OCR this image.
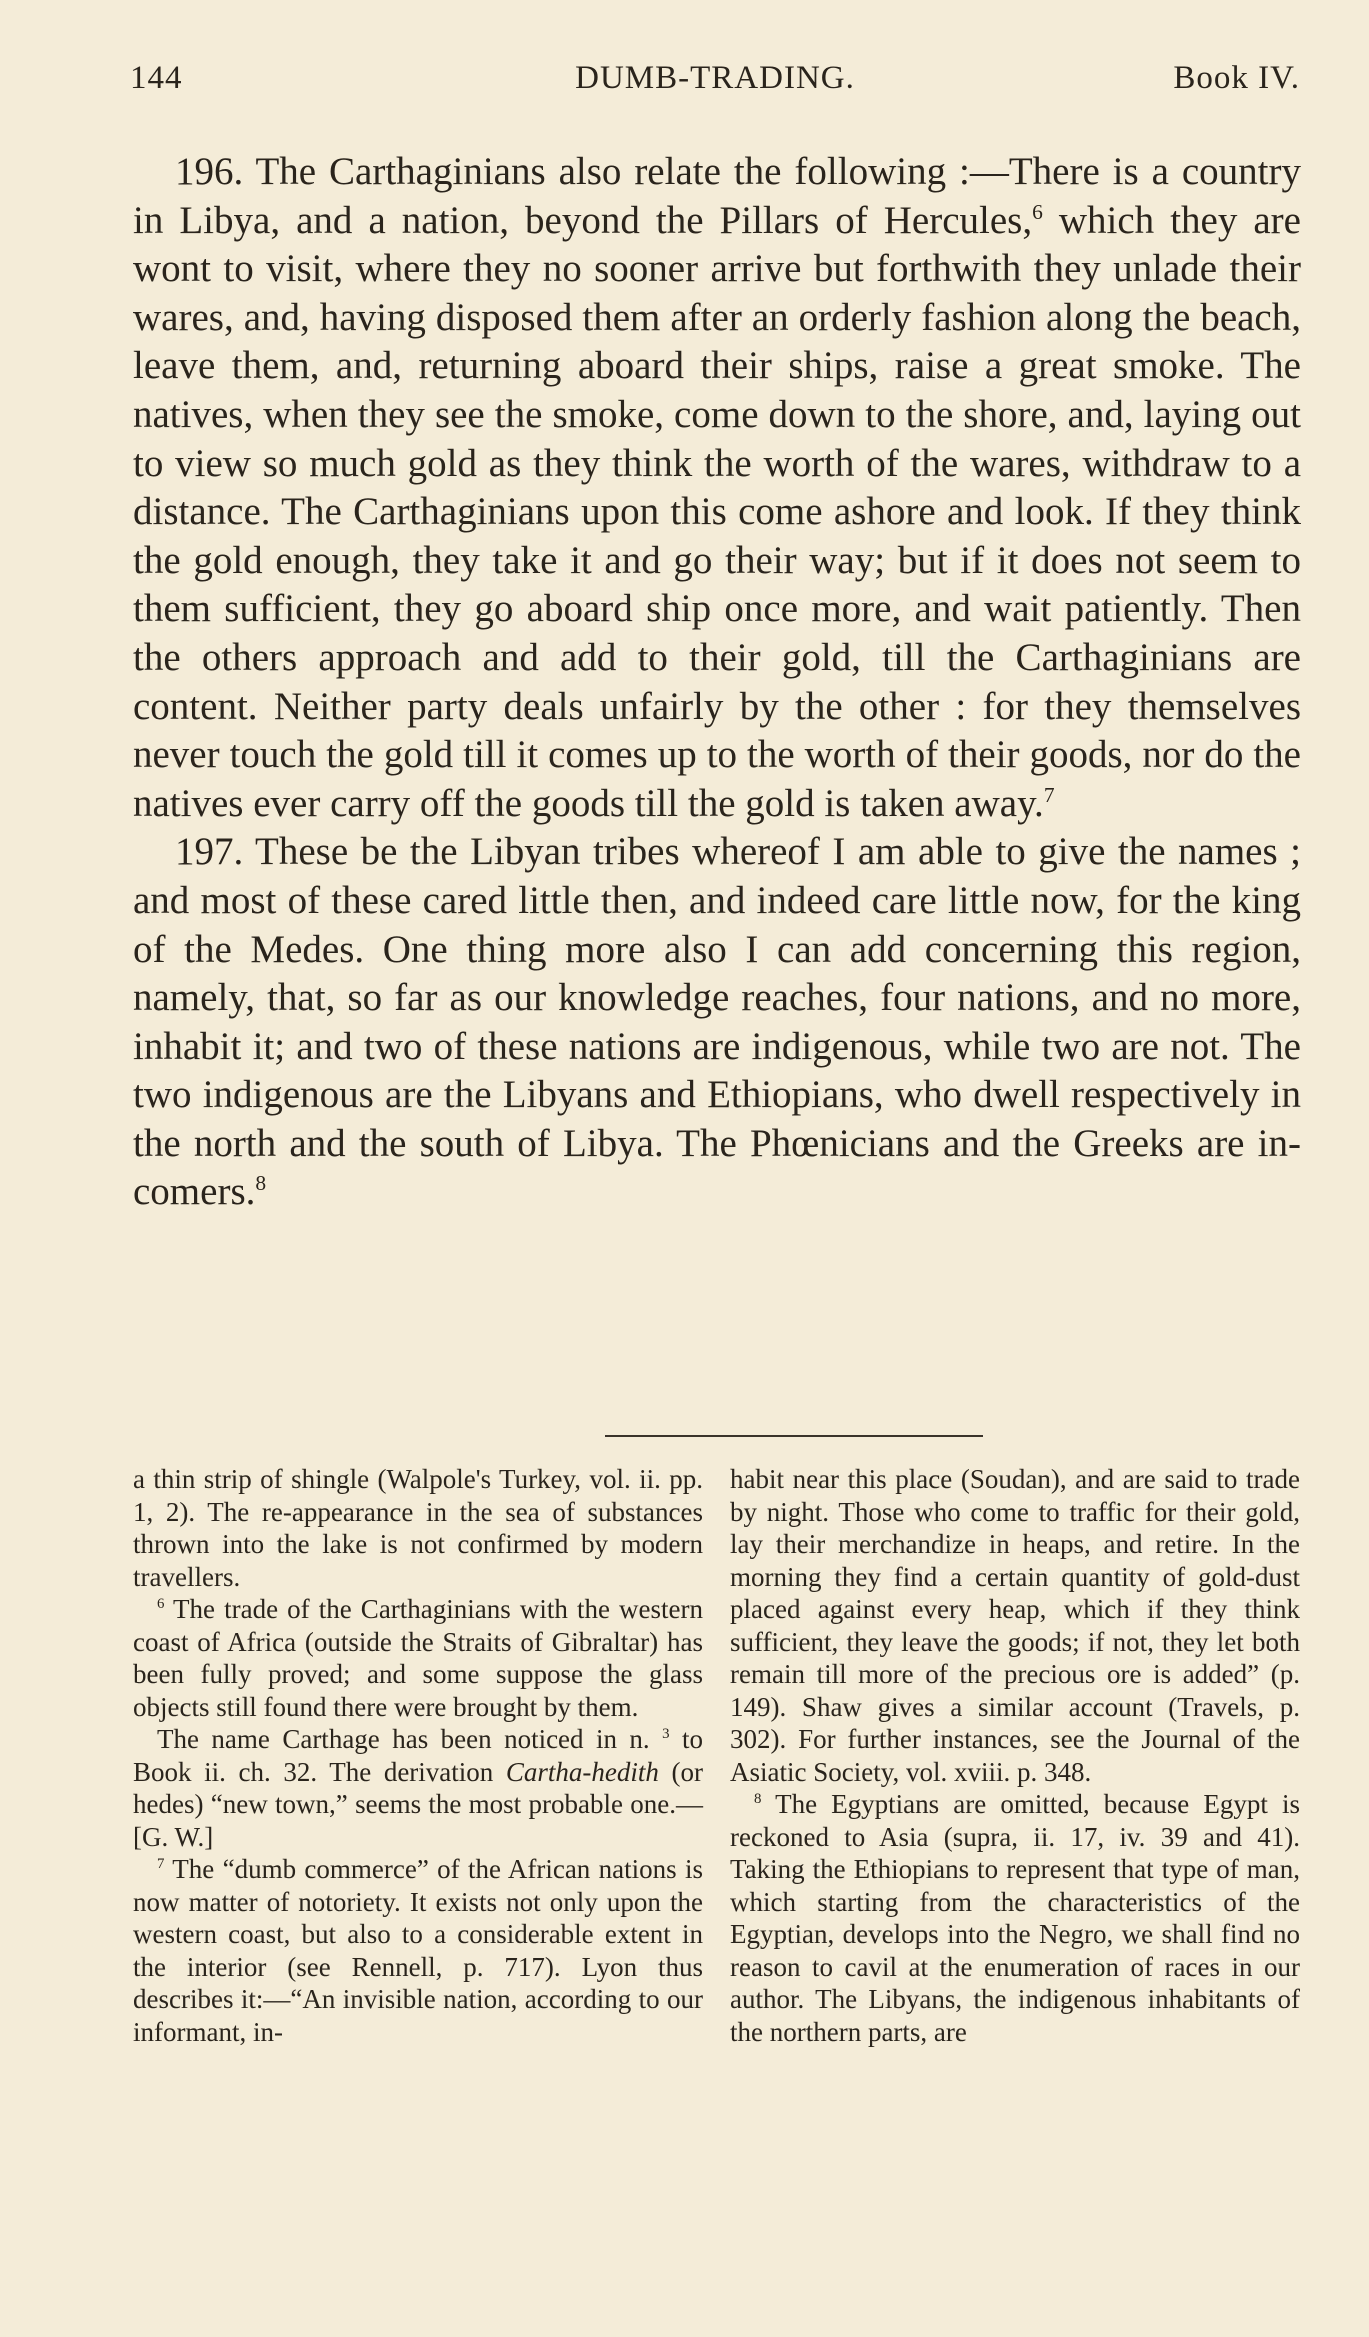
144	DUMB-TRADING.	Book IV.

196. The Carthaginians also relate the following :—There is a country in Libya, and a nation, beyond the Pillars of Hercules,$^6$ which they are wont to visit, where they no sooner arrive but forthwith they unlade their wares, and, having disposed them after an orderly fashion along the beach, leave them, and, returning aboard their ships, raise a great smoke. The natives, when they see the smoke, come down to the shore, and, laying out to view so much gold as they think the worth of the wares, withdraw to a distance. The Carthaginians upon this come ashore and look. If they think the gold enough, they take it and go their way; but if it does not seem to them sufficient, they go aboard ship once more, and wait patiently. Then the others approach and add to their gold, till the Carthaginians are content. Neither party deals unfairly by the other : for they themselves never touch the gold till it comes up to the worth of their goods, nor do the natives ever carry off the goods till the gold is taken away.$^7$

197. These be the Libyan tribes whereof I am able to give the names ; and most of these cared little then, and indeed care little now, for the king of the Medes. One thing more also I can add concerning this region, namely, that, so far as our knowledge reaches, four nations, and no more, inhabit it; and two of these nations are indigenous, while two are not. The two indigenous are the Libyans and Ethiopians, who dwell respectively in the north and the south of Libya. The Phœnicians and the Greeks are in-comers.$^8$

a thin strip of shingle (Walpole's Turkey, vol. ii. pp. 1, 2). The re-appearance in the sea of substances thrown into the lake is not confirmed by modern travellers.

$^6$ The trade of the Carthaginians with the western coast of Africa (outside the Straits of Gibraltar) has been fully proved; and some suppose the glass objects still found there were brought by them.

The name Carthage has been noticed in n. $^3$ to Book ii. ch. 32. The derivation Cartha-hedith (or hedes) “new town,” seems the most probable one.—[G. W.]

$^7$ The “dumb commerce” of the African nations is now matter of notoriety. It exists not only upon the western coast, but also to a considerable extent in the interior (see Rennell, p. 717). Lyon thus describes it:—“An invisible nation, according to our informant, in-

habit near this place (Soudan), and are said to trade by night. Those who come to traffic for their gold, lay their merchandize in heaps, and retire. In the morning they find a certain quantity of gold-dust placed against every heap, which if they think sufficient, they leave the goods; if not, they let both remain till more of the precious ore is added” (p. 149). Shaw gives a similar account (Travels, p. 302). For further instances, see the Journal of the Asiatic Society, vol. xviii. p. 348.

$^8$ The Egyptians are omitted, because Egypt is reckoned to Asia (supra, ii. 17, iv. 39 and 41). Taking the Ethiopians to represent that type of man, which starting from the characteristics of the Egyptian, develops into the Negro, we shall find no reason to cavil at the enumeration of races in our author. The Libyans, the indigenous inhabitants of the northern parts, are
